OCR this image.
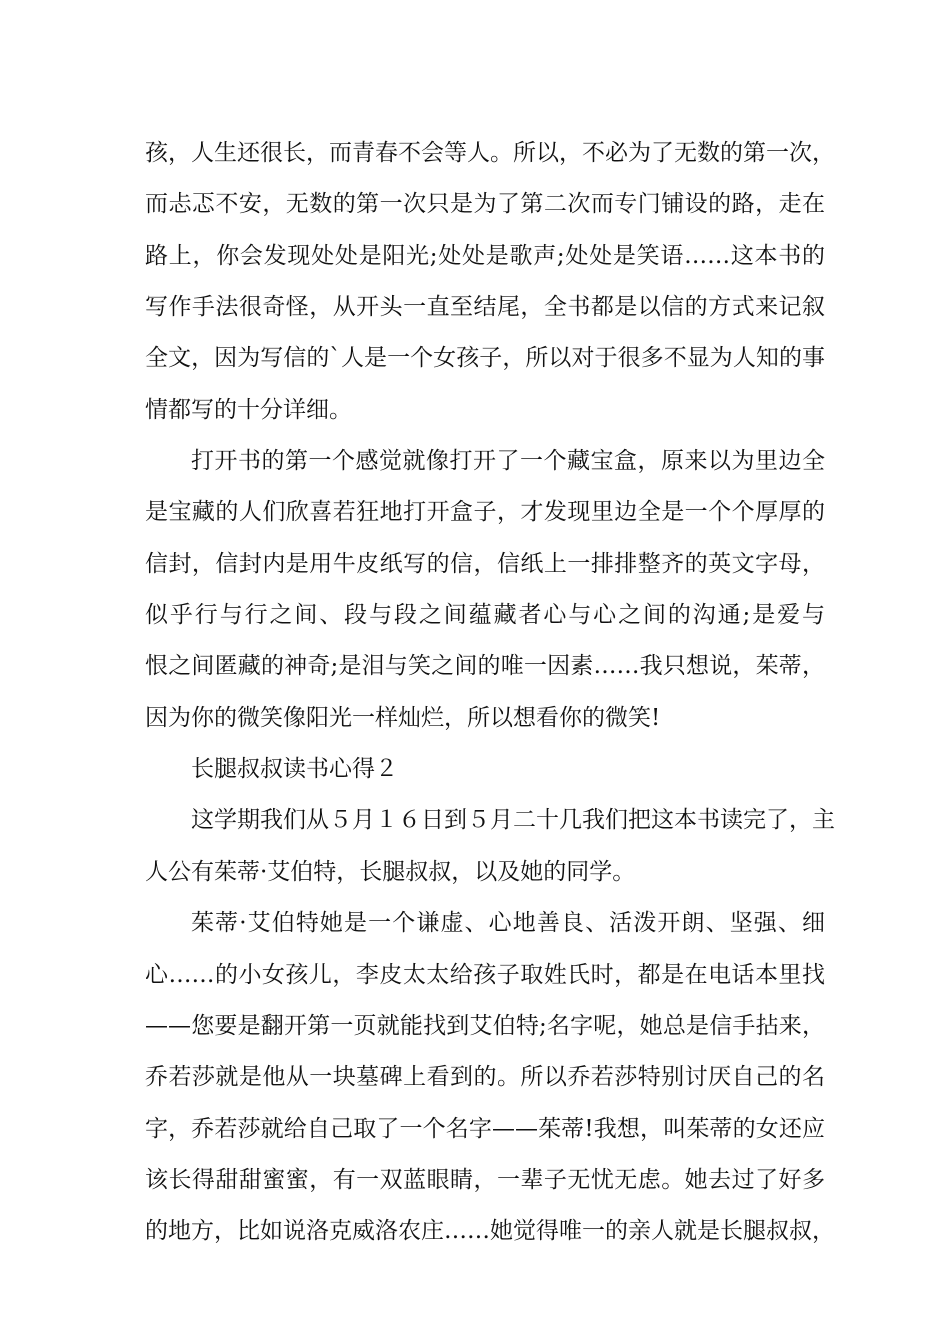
孩，人生还很长，而青春不会等人。所以，不必为了无数的第一次，
而忐忑不安，无数的第一次只是为了第二次而专门铺设的路，走在
路上，你会发现处处是阳光;处处是歌声;处处是笑语……这本书的
写作手法很奇怪，从开头一直至结尾，全书都是以信的方式来记叙
全文，因为写信的`人是一个女孩子，所以对于很多不显为人知的事
情都写的十分详细。
打开书的第一个感觉就像打开了一个藏宝盒，原来以为里边全
是宝藏的人们欣喜若狂地打开盒子，才发现里边全是一个个厚厚的
信封，信封内是用牛皮纸写的信，信纸上一排排整齐的英文字母，
似乎行与行之间、段与段之间蕴藏者心与心之间的沟通;是爱与
恨之间匿藏的神奇;是泪与笑之间的唯一因素……我只想说，茱蒂，
因为你的微笑像阳光一样灿烂，所以想看你的微笑!
长腿叔叔读书心得２
这学期我们从５月１６日到５月二十几我们把这本书读完了，主
人公有茱蒂·艾伯特，长腿叔叔，以及她的同学。
茱蒂·艾伯特她是一个谦虚、心地善良、活泼开朗、坚强、细
心……的小女孩儿，李皮太太给孩子取姓氏时，都是在电话本里找
——您要是翻开第一页就能找到艾伯特;名字呢，她总是信手拈来，
乔若莎就是他从一块墓碑上看到的。所以乔若莎特别讨厌自己的名
字，乔若莎就给自己取了一个名字——茱蒂!我想，叫茱蒂的女还应
该长得甜甜蜜蜜，有一双蓝眼睛，一辈子无忧无虑。她去过了好多
的地方，比如说洛克威洛农庄……她觉得唯一的亲人就是长腿叔叔，
